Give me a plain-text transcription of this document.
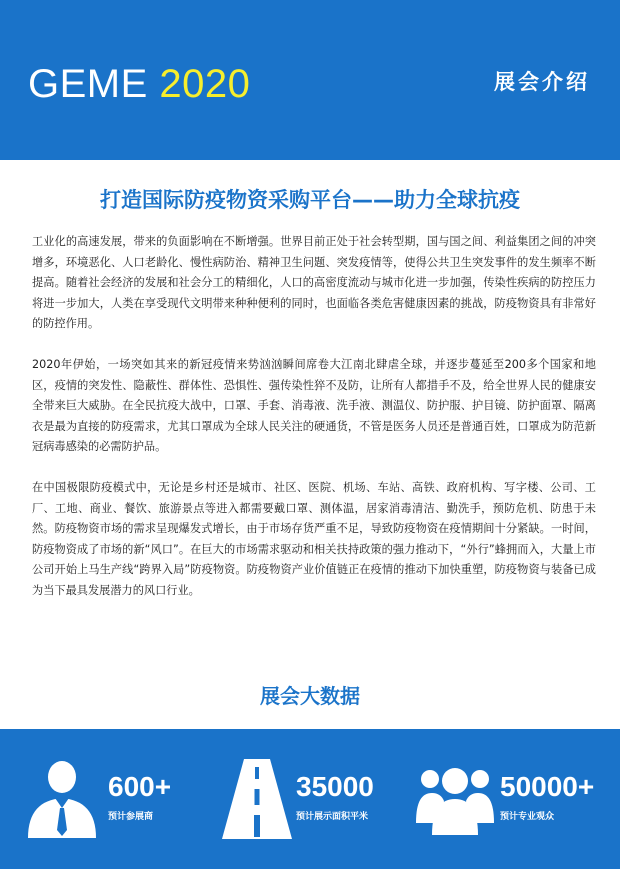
GEME 2020	展会介绍
打造国际防疫物资采购平台——助力全球抗疫

工业化的高速发展，带来的负面影响在不断增强。世界目前正处于社会转型期，国与国之间、利益集团之间的冲突增多，环境恶化、人口老龄化、慢性病防治、精神卫生问题、突发疫情等，使得公共卫生突发事件的发生频率不断提高。随着社会经济的发展和社会分工的精细化，人口的高密度流动与城市化进一步加强，传染性疾病的防控压力将进一步加大，人类在享受现代文明带来种种便利的同时，也面临各类危害健康因素的挑战，防疫物资具有非常好的防控作用。

2020年伊始，一场突如其来的新冠疫情来势汹汹瞬间席卷大江南北肆虐全球，并逐步蔓延至200多个国家和地区，疫情的突发性、隐蔽性、群体性、恐惧性、强传染性猝不及防，让所有人都措手不及，给全世界人民的健康安全带来巨大威胁。在全民抗疫大战中，口罩、手套、消毒液、洗手液、测温仪、防护服、护目镜、防护面罩、隔离衣是最为直接的防疫需求，尤其口罩成为全球人民关注的硬通货，不管是医务人员还是普通百姓，口罩成为防范新冠病毒感染的必需防护品。

在中国极限防疫模式中，无论是乡村还是城市、社区、医院、机场、车站、高铁、政府机构、写字楼、公司、工厂、工地、商业、餐饮、旅游景点等进入都需要戴口罩、测体温，居家消毒清洁、勤洗手，预防危机、防患于未然。防疫物资市场的需求呈现爆发式增长，由于市场存货严重不足，导致防疫物资在疫情期间十分紧缺。一时间，防疫物资成了市场的新“风口”。在巨大的市场需求驱动和相关扶持政策的强力推动下，“外行”蜂拥而入，大量上市公司开始上马生产线“跨界入局”防疫物资。防疫物资产业价值链正在疫情的推动下加快重塑，防疫物资与装备已成为当下最具发展潜力的风口行业。

展会大数据
600+
预计参展商
35000
预计展示面积平米
50000+
预计专业观众
